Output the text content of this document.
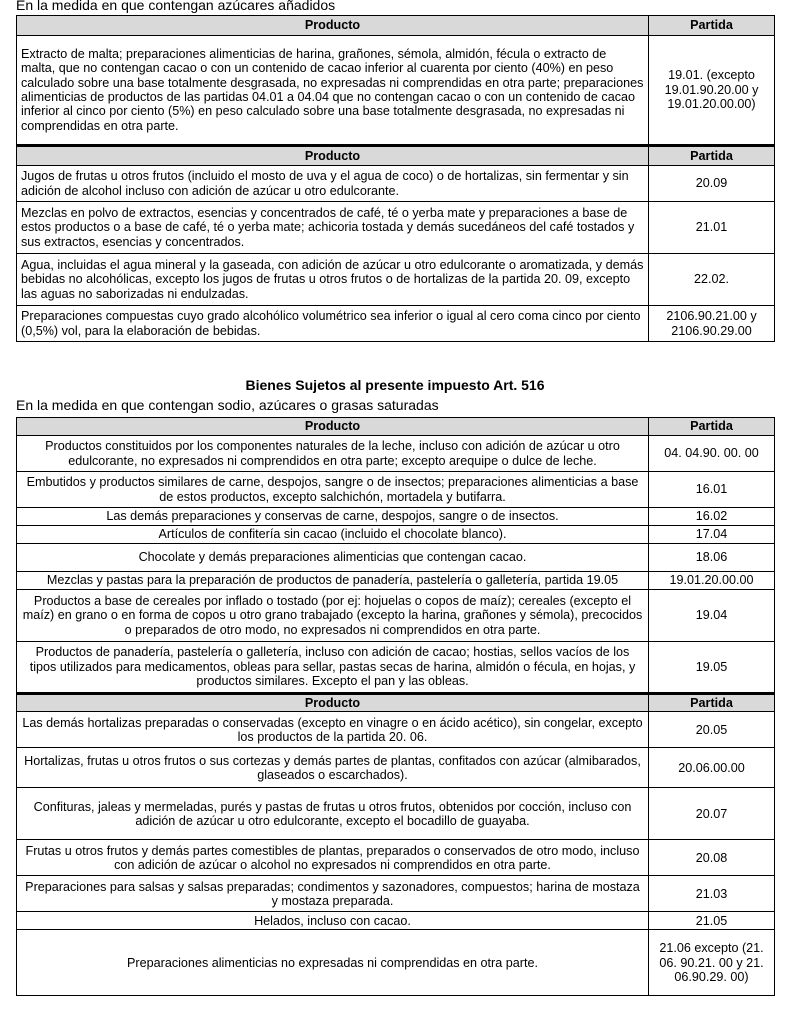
En la medida en que contengan azúcares añadidos
Producto	Partida
Extracto de malta; preparaciones alimenticias de harina, grañones, sémola, almidón, fécula o extracto de malta, que no contengan cacao o con un contenido de cacao inferior al cuarenta por ciento (40%) en peso calculado sobre una base totalmente desgrasada, no expresadas ni comprendidas en otra parte; preparaciones alimenticias de productos de las partidas 04.01 a 04.04 que no contengan cacao o con un contenido de cacao inferior al cinco por ciento (5%) en peso calculado sobre una base totalmente desgrasada, no expresadas ni comprendidas en otra parte.	19.01. (excepto 19.01.90.20.00 y 19.01.20.00.00)
Producto	Partida
Jugos de frutas u otros frutos (incluido el mosto de uva y el agua de coco) o de hortalizas, sin fermentar y sin adición de alcohol incluso con adición de azúcar u otro edulcorante.	20.09
Mezclas en polvo de extractos, esencias y concentrados de café, té o yerba mate y preparaciones a base de estos productos o a base de café, té o yerba mate; achicoria tostada y demás sucedáneos del café tostados y sus extractos, esencias y concentrados.	21.01
Agua, incluidas el agua mineral y la gaseada, con adición de azúcar u otro edulcorante o aromatizada, y demás bebidas no alcohólicas, excepto los jugos de frutas u otros frutos o de hortalizas de la partida 20. 09, excepto las aguas no saborizadas ni endulzadas.	22.02.
Preparaciones compuestas cuyo grado alcohólico volumétrico sea inferior o igual al cero coma cinco por ciento (0,5%) vol, para la elaboración de bebidas.	2106.90.21.00 y 2106.90.29.00
Bienes Sujetos al presente impuesto Art. 516
En la medida en que contengan sodio, azúcares o grasas saturadas
Producto	Partida
Productos constituidos por los componentes naturales de la leche, incluso con adición de azúcar u otro edulcorante, no expresados ni comprendidos en otra parte; excepto arequipe o dulce de leche.	04. 04.90. 00. 00
Embutidos y productos similares de carne, despojos, sangre o de insectos; preparaciones alimenticias a base de estos productos, excepto salchichón, mortadela y butifarra.	16.01
Las demás preparaciones y conservas de carne, despojos, sangre o de insectos.	16.02
Artículos de confitería sin cacao (incluido el chocolate blanco).	17.04
Chocolate y demás preparaciones alimenticias que contengan cacao.	18.06
Mezclas y pastas para la preparación de productos de panadería, pastelería o galletería, partida 19.05	19.01.20.00.00
Productos a base de cereales por inflado o tostado (por ej: hojuelas o copos de maíz); cereales (excepto el maíz) en grano o en forma de copos u otro grano trabajado (excepto la harina, grañones y sémola), precocidos o preparados de otro modo, no expresados ni comprendidos en otra parte.	19.04
Productos de panadería, pastelería o galletería, incluso con adición de cacao; hostias, sellos vacíos de los tipos utilizados para medicamentos, obleas para sellar, pastas secas de harina, almidón o fécula, en hojas, y productos similares. Excepto el pan y las obleas.	19.05
Producto	Partida
Las demás hortalizas preparadas o conservadas (excepto en vinagre o en ácido acético), sin congelar, excepto los productos de la partida 20. 06.	20.05
Hortalizas, frutas u otros frutos o sus cortezas y demás partes de plantas, confitados con azúcar (almibarados, glaseados o escarchados).	20.06.00.00
Confituras, jaleas y mermeladas, purés y pastas de frutas u otros frutos, obtenidos por cocción, incluso con adición de azúcar u otro edulcorante, excepto el bocadillo de guayaba.	20.07
Frutas u otros frutos y demás partes comestibles de plantas, preparados o conservados de otro modo, incluso con adición de azúcar o alcohol no expresados ni comprendidos en otra parte.	20.08
Preparaciones para salsas y salsas preparadas; condimentos y sazonadores, compuestos; harina de mostaza y mostaza preparada.	21.03
Helados, incluso con cacao.	21.05
Preparaciones alimenticias no expresadas ni comprendidas en otra parte.	21.06 excepto (21. 06. 90.21. 00 y 21. 06.90.29. 00)
